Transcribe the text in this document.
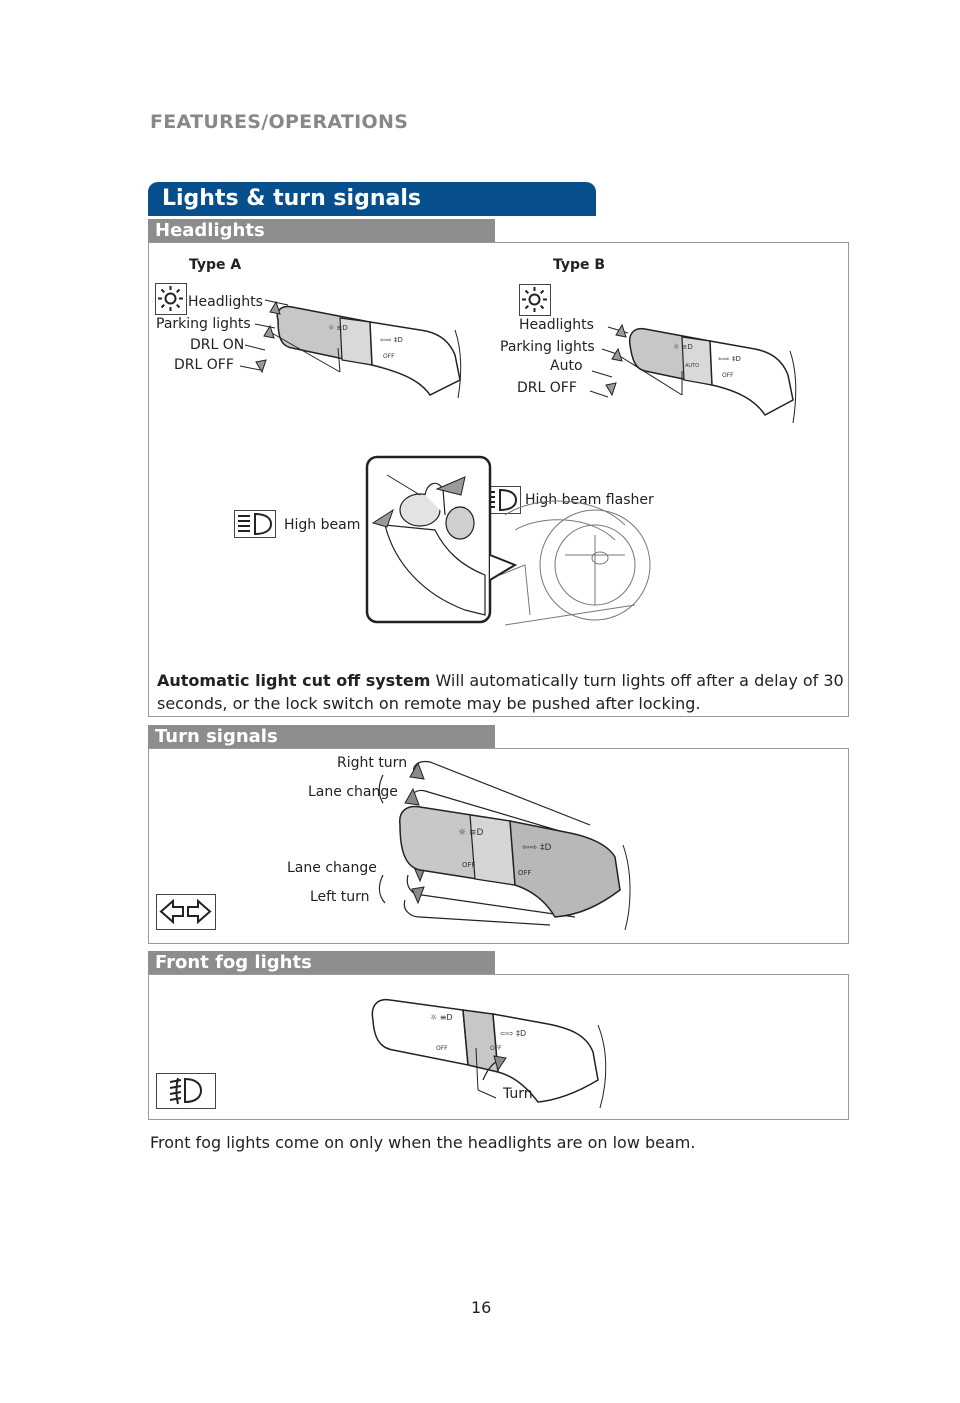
FEATURES/OPERATIONS
Lights & turn signals
Headlights
Type A	Type B
Headlights
Parking lights
DRL ON
DRL OFF
☼ ≡D
⇦⇨ ‡D
OFF
Headlights
Parking lights
Auto
DRL OFF
☼ ≡D
⇦⇨ ‡D
AUTO
OFF
High beam
High beam flasher
Automatic light cut off system Will automatically turn lights off after a delay of 30 seconds, or the lock switch on remote may be pushed after locking.
Turn signals
Right turn
Lane change
Lane change
Left turn
☼ ≡D
⇦⇨ ‡D
OFF
OFF
Front fog lights
☼ ≡D
⇦⇨ ‡D
OFF	OFF
Turn
Front fog lights come on only when the headlights are on low beam.
16
